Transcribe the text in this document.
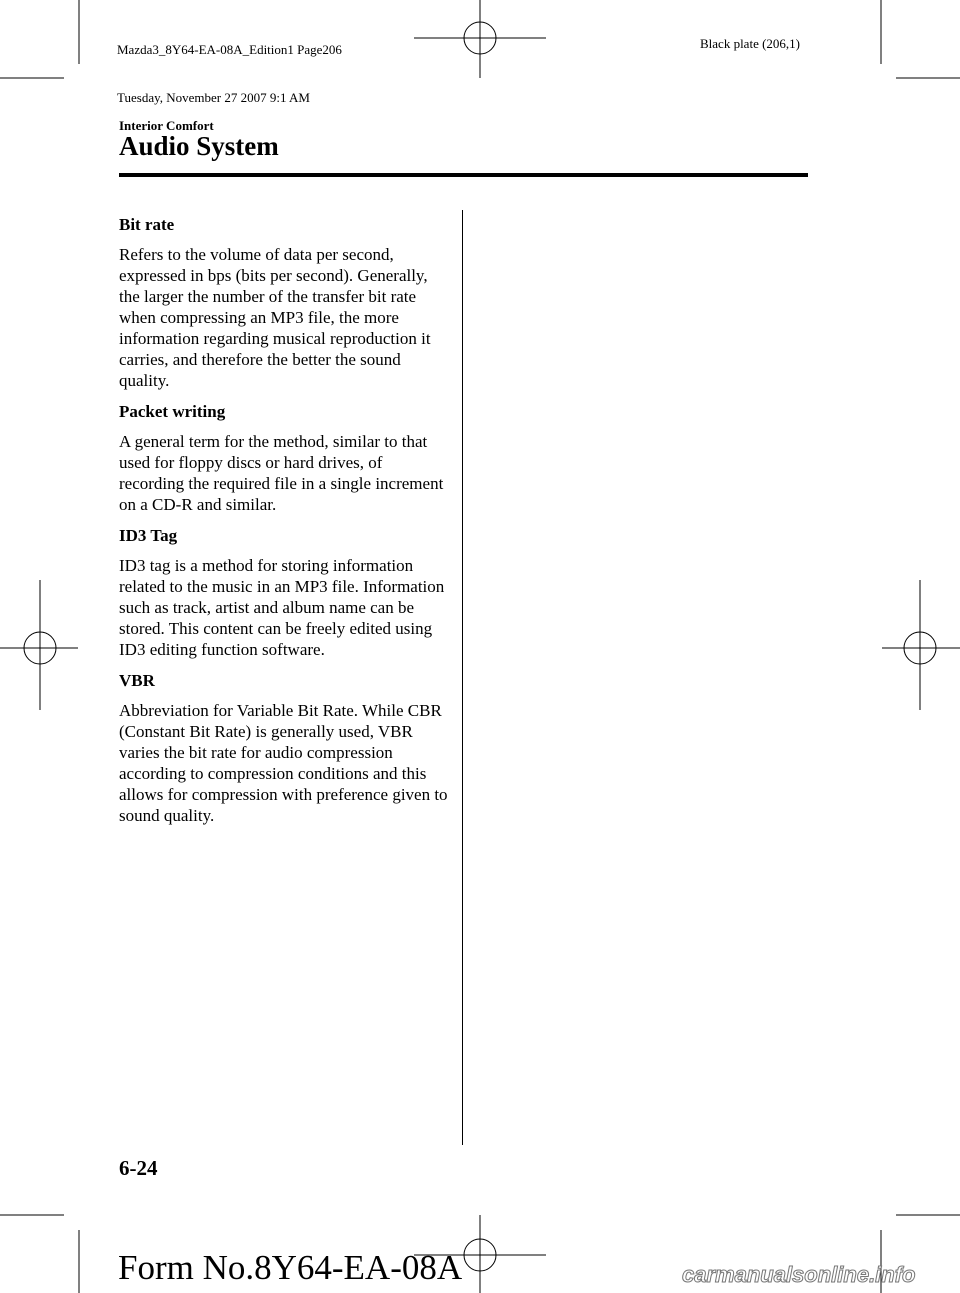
Mazda3_8Y64-EA-08A_Edition1 Page206

Tuesday, November 27 2007 9:1 AM

Black plate (206,1)
Interior Comfort
Audio System
Bit rate
Refers to the volume of data per second, expressed in bps (bits per second). Generally, the larger the number of the transfer bit rate when compressing an MP3 file, the more information regarding musical reproduction it carries, and therefore the better the sound quality.
Packet writing
A general term for the method, similar to that used for floppy discs or hard drives, of recording the required file in a single increment on a CD-R and similar.
ID3 Tag
ID3 tag is a method for storing information related to the music in an MP3 file. Information such as track, artist and album name can be stored. This content can be freely edited using ID3 editing function software.
VBR
Abbreviation for Variable Bit Rate. While CBR (Constant Bit Rate) is generally used, VBR varies the bit rate for audio compression according to compression conditions and this allows for compression with preference given to sound quality.
6-24
Form No.8Y64-EA-08A	carmanualsonline.info
